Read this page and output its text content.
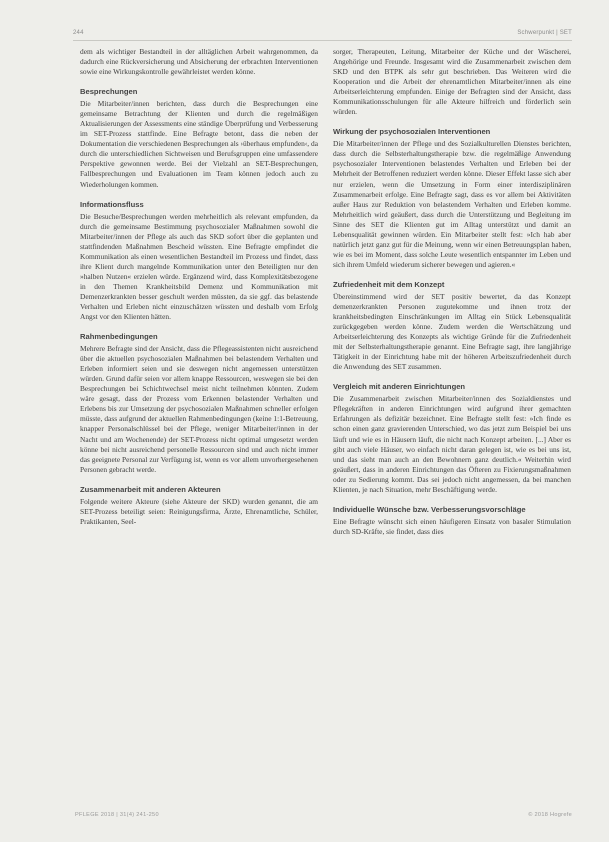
244	Schwerpunkt | SET

dem als wichtiger Bestandteil in der alltäglichen Arbeit wahrgenommen, da dadurch eine Rückversicherung und Absicherung der erbrachten Interventionen sowie eine Wirkungskontrolle gewährleistet werden könne.

Besprechungen

Die Mitarbeiter/innen berichten, dass durch die Besprechungen eine gemeinsame Betrachtung der Klienten und durch die regelmäßigen Aktualisierungen der Assessments eine ständige Überprüfung und Verbesserung im SET-Prozess stattfinde. Eine Befragte betont, dass die neben der Dokumentation die verschiedenen Besprechungen als ›überhaus empfunden‹, da durch die unterschiedlichen Sichtweisen und Berufsgruppen eine umfassendere Perspektive gewonnen werde. Bei der Vielzahl an SET-Besprechungen, Fallbesprechungen und Evaluationen im Team können jedoch auch zu Wiederholungen kommen.

Informationsfluss

Die Besuche/Besprechungen werden mehrheitlich als relevant empfunden, da durch die gemeinsame Bestimmung psychosozialer Maßnahmen sowohl die Mitarbeiter/innen der Pflege als auch das SKD sofort über die geplanten und stattfindenden Maßnahmen Bescheid wüssten. Eine Befragte empfindet die Kommunikation als einen wesentlichen Bestandteil im Prozess und findet, dass ihre Klient durch mangelnde Kommunikation unter den Beteiligten nur den »halben Nutzen« erzielen würde. Ergänzend wird, dass Komplexitätsbezogene in den Themen Krankheitsbild Demenz und Kommunikation mit Demenzerkrankten besser geschult werden müssten, da sie ggf. das belastende Verhalten und Erleben nicht einzuschätzen wüssten und deshalb vom Erfolg Angst vor den Klienten hätten.

Rahmenbedingungen

Mehrere Befragte sind der Ansicht, dass die Pflegeassistenten nicht ausreichend über die aktuellen psychosozialen Maßnahmen bei belastendem Verhalten und Erleben informiert seien und sie deswegen nicht angemessen unterstützen würden. Grund dafür seien vor allem knappe Ressourcen, weswegen sie bei den Besprechungen bei Schichtwechsel meist nicht teilnehmen könnten. Zudem wäre gesagt, dass der Prozess vom Erkennen belastender Verhalten und Erlebens bis zur Umsetzung der psychosozialen Maßnahmen schneller erfolgen müsste, dass aufgrund der aktuellen Rahmenbedingungen (keine 1:1-Betreuung, knapper Personalschlüssel bei der Pflege, weniger Mitarbeiter/innen in der Nacht und am Wochenende) der SET-Prozess nicht optimal umgesetzt werden könne bei nicht ausreichend personelle Ressourcen sind und auch nicht immer das geeignete Personal zur Verfügung ist, wenn es vor allem unvorhergesehenen Personen gebracht werde.

Zusammenarbeit mit anderen Akteuren

Folgende weitere Akteure (siehe Akteure der SKD) wurden genannt, die am SET-Prozess beteiligt seien: Reinigungsfirma, Ärzte, Ehrenamtliche, Schüler, Praktikanten, Seel-

sorger, Therapeuten, Leitung, Mitarbeiter der Küche und der Wäscherei, Angehörige und Freunde. Insgesamt wird die Zusammenarbeit zwischen dem SKD und den BTPK als sehr gut beschrieben. Das Weiteren wird die Kooperation und die Arbeit der ehrenamtlichen Mitarbeiter/innen als eine Arbeitserleichterung empfunden. Einige der Befragten sind der Ansicht, dass Kommunikationsschulungen für alle Akteure hilfreich und förderlich sein würden.

Wirkung der psychosozialen Interventionen

Die Mitarbeiter/innen der Pflege und des Sozialkulturellen Dienstes berichten, dass durch die Selbsterhaltungstherapie bzw. die regelmäßige Anwendung psychosozialer Interventionen belastendes Verhalten und Erleben bei der Mehrheit der Betroffenen reduziert werden könne. Dieser Effekt lasse sich aber nur erzielen, wenn die Umsetzung in Form einer interdisziplinären Zusammenarbeit erfolge. Eine Befragte sagt, dass es vor allem bei Aktivitäten außer Haus zur Reduktion von belastendem Verhalten und Erleben komme. Mehrheitlich wird geäußert, dass durch die Unterstützung und Begleitung im Sinne des SET die Klienten gut im Alltag unterstützt und damit an Lebensqualität gewinnen würden. Ein Mitarbeiter stellt fest: »Ich hab aber natürlich jetzt ganz gut für die Meinung, wenn wir einen Betreuungsplan haben, wie es bei im Moment, dass solche Leute wesentlich entspannter im Leben und sich ihrem Umfeld wiederum sicherer bewegen und agieren.«

Zufriedenheit mit dem Konzept

Übereinstimmend wird der SET positiv bewertet, da das Konzept demenzerkrankten Personen zugutekomme und ihnen trotz der krankheitsbedingten Einschränkungen im Alltag ein Stück Lebensqualität zurückgegeben werden könne. Zudem werden die Wertschätzung und Arbeitserleichterung des Konzepts als wichtige Gründe für die Zufriedenheit mit der Selbsterhaltungstherapie genannt. Eine Befragte sagt, ihre langjährige Tätigkeit in der Einrichtung habe mit der höheren Arbeitszufriedenheit durch die Anwendung des SET zusammen.

Vergleich mit anderen Einrichtungen

Die Zusammenarbeit zwischen Mitarbeiter/innen des Sozialdienstes und Pflegekräften in anderen Einrichtungen wird aufgrund ihrer gemachten Erfahrungen als defizitär bezeichnet. Eine Befragte stellt fest: »Ich finde es schon einen ganz gravierenden Unterschied, wo das jetzt zum Beispiel bei uns läuft und wie es in Häusern läuft, die nicht nach Konzept arbeiten. [...] Aber es gibt auch viele Häuser, wo einfach nicht daran gelegen ist, wie es bei uns ist, und das sieht man auch an den Bewohnern ganz deutlich.« Weiterhin wird geäußert, dass in anderen Einrichtungen das Öfteren zu Fixierungsmaßnahmen oder zu Sedierung kommt. Das sei jedoch nicht angemessen, da bei manchen Klienten, je nach Situation, mehr Beschäftigung werde.

Individuelle Wünsche bzw. Verbesserungsvorschläge

Eine Befragte wünscht sich einen häufigeren Einsatz von basaler Stimulation durch SD-Kräfte, sie findet, dass dies

PFLEGE 2018 | 31(4) 241-250	© 2018 Hogrefe
